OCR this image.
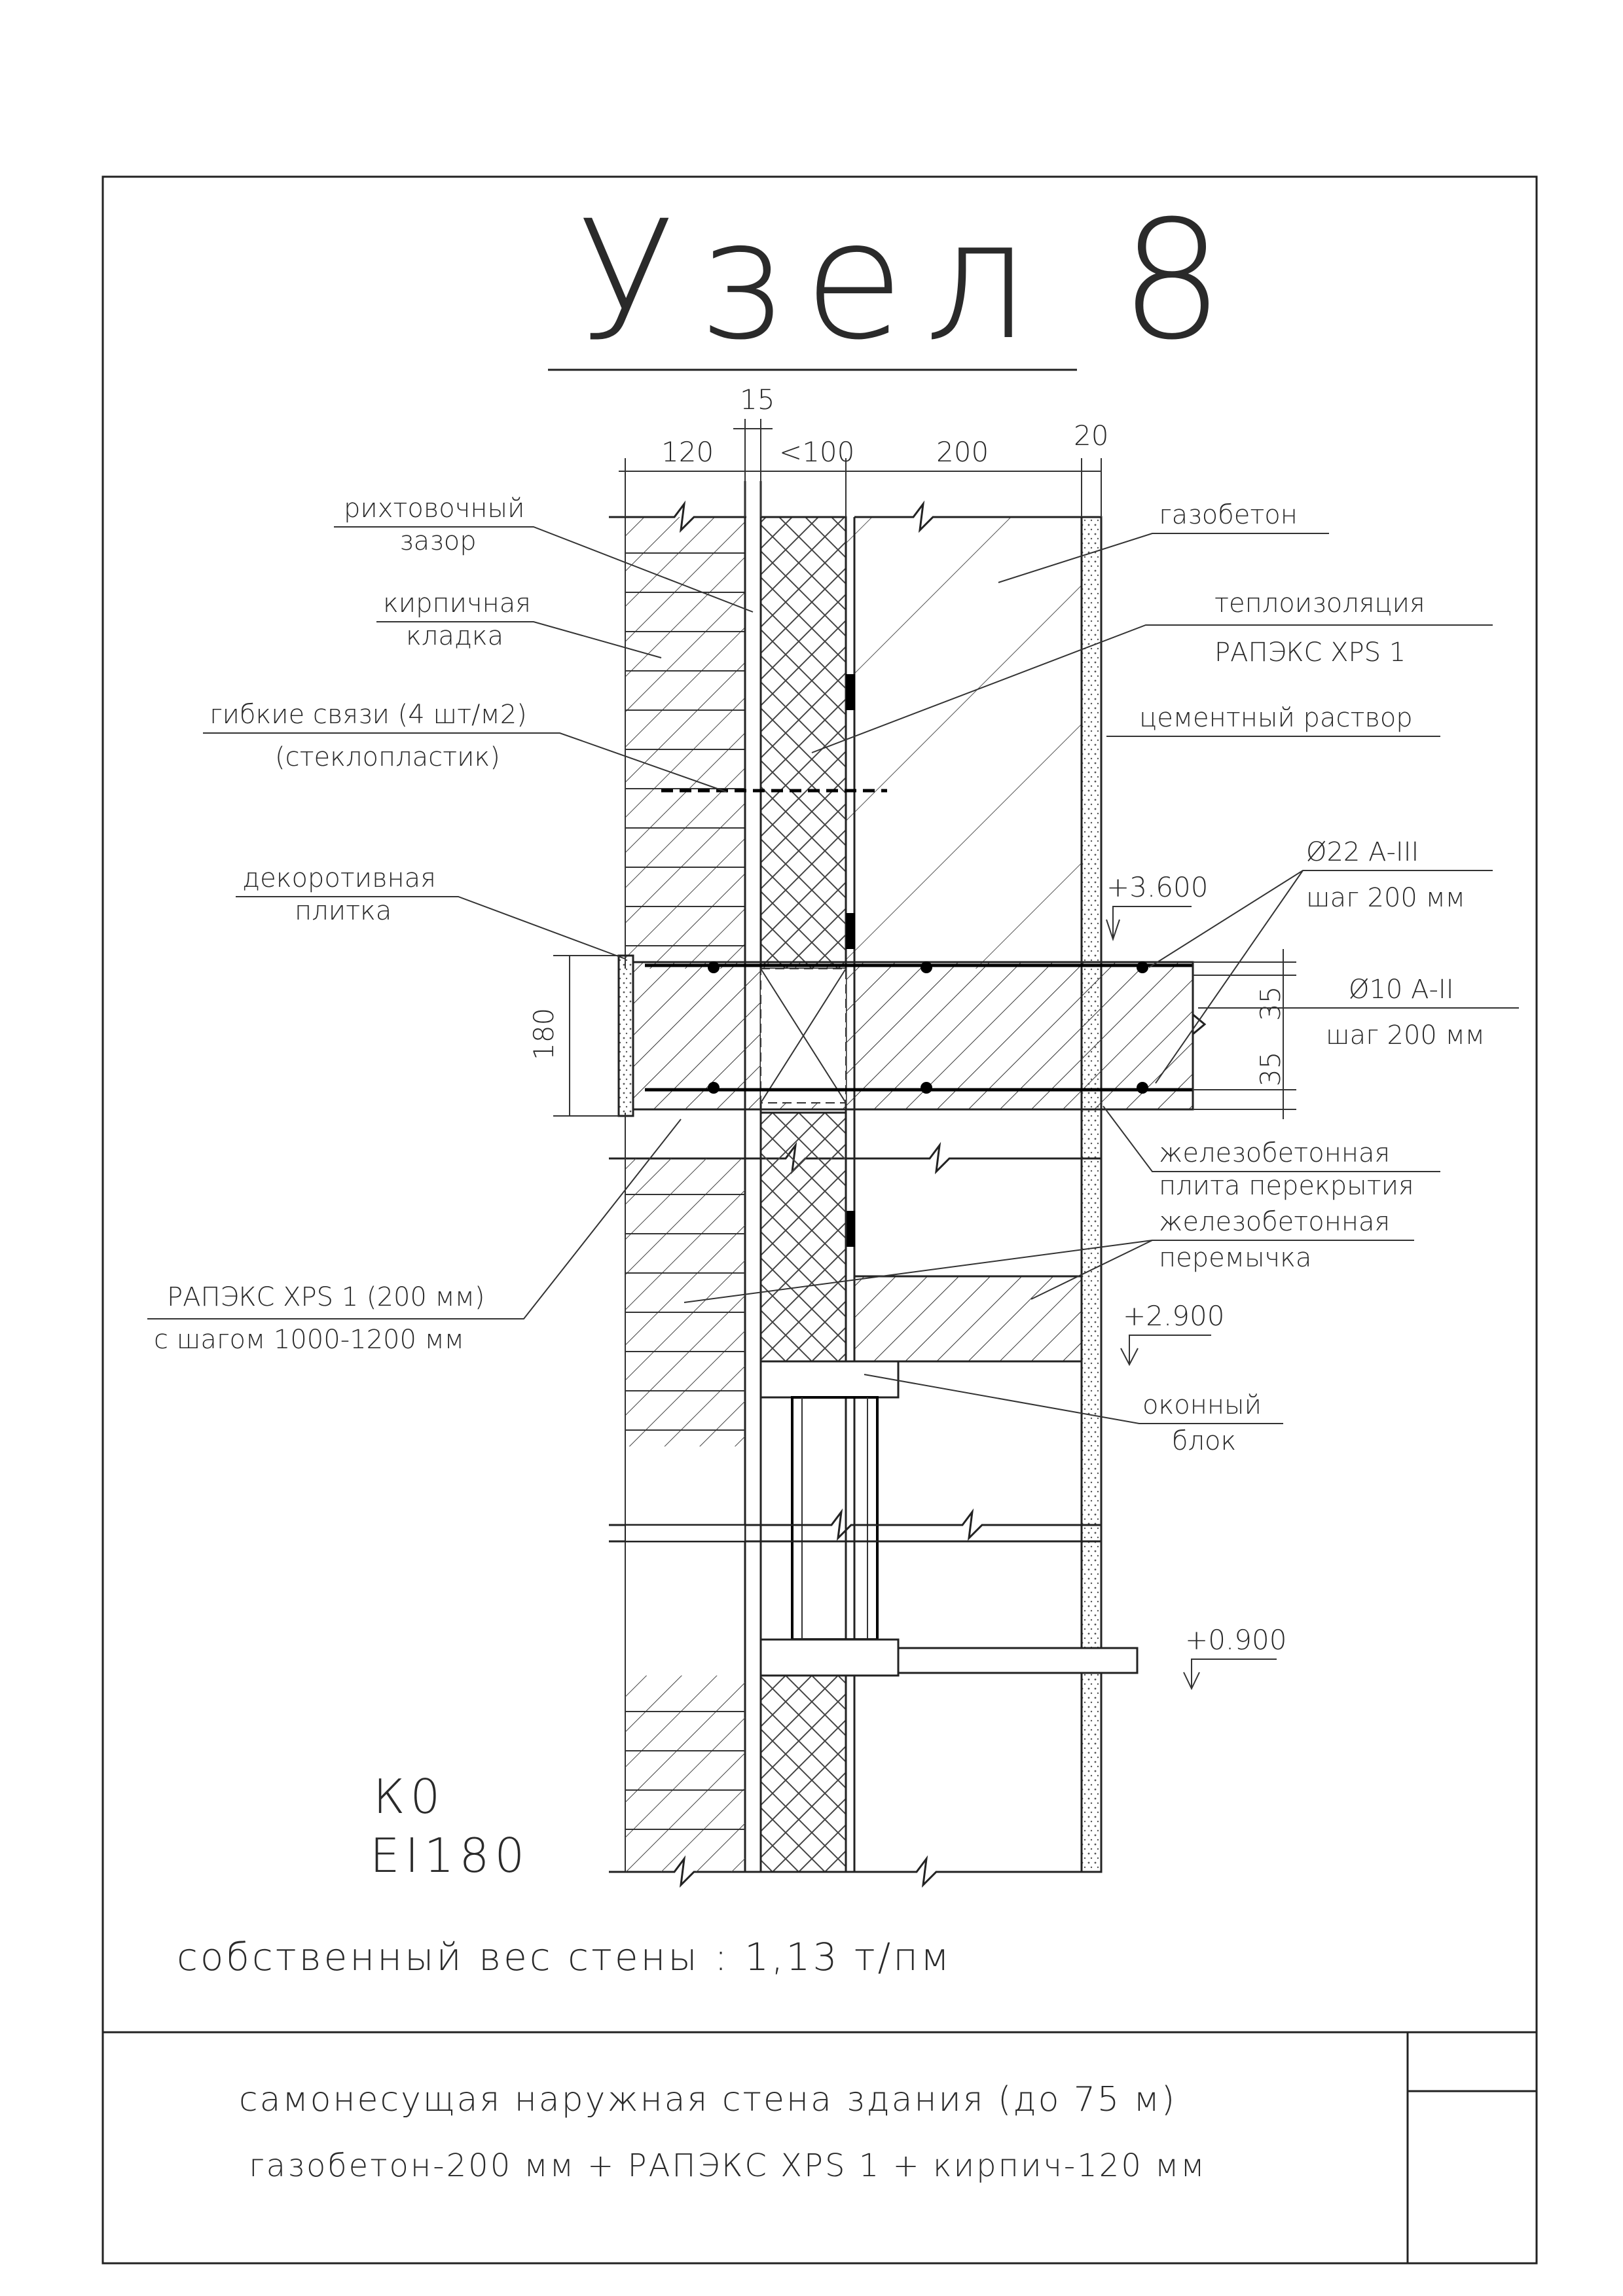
Узел 8
15
120 <100	200
20
180
35
35
рихтовочный
зазор
кирпичная
кладка
гибкие связи (4 шт/м2)
(стеклопластик)
декоротивная
плитка
газобетон
теплоизоляция
РАПЭКС XPS 1
цементный раствор
Ø22 А-III
шаг 200 мм
Ø10 А-II
шаг 200 мм
железобетонная
плита перекрытия
железобетонная
перемычка
РАПЭКС XPS 1 (200 мм)
с шагом 1000-1200 мм
оконный
блок
+3.600
+2.900
+0.900
К0
EI180
собственный вес стены : 1,13 т/пм
самонесущая наружная стена здания (до 75 м)
газобетон-200 мм + РАПЭКС XPS 1 + кирпич-120 мм
